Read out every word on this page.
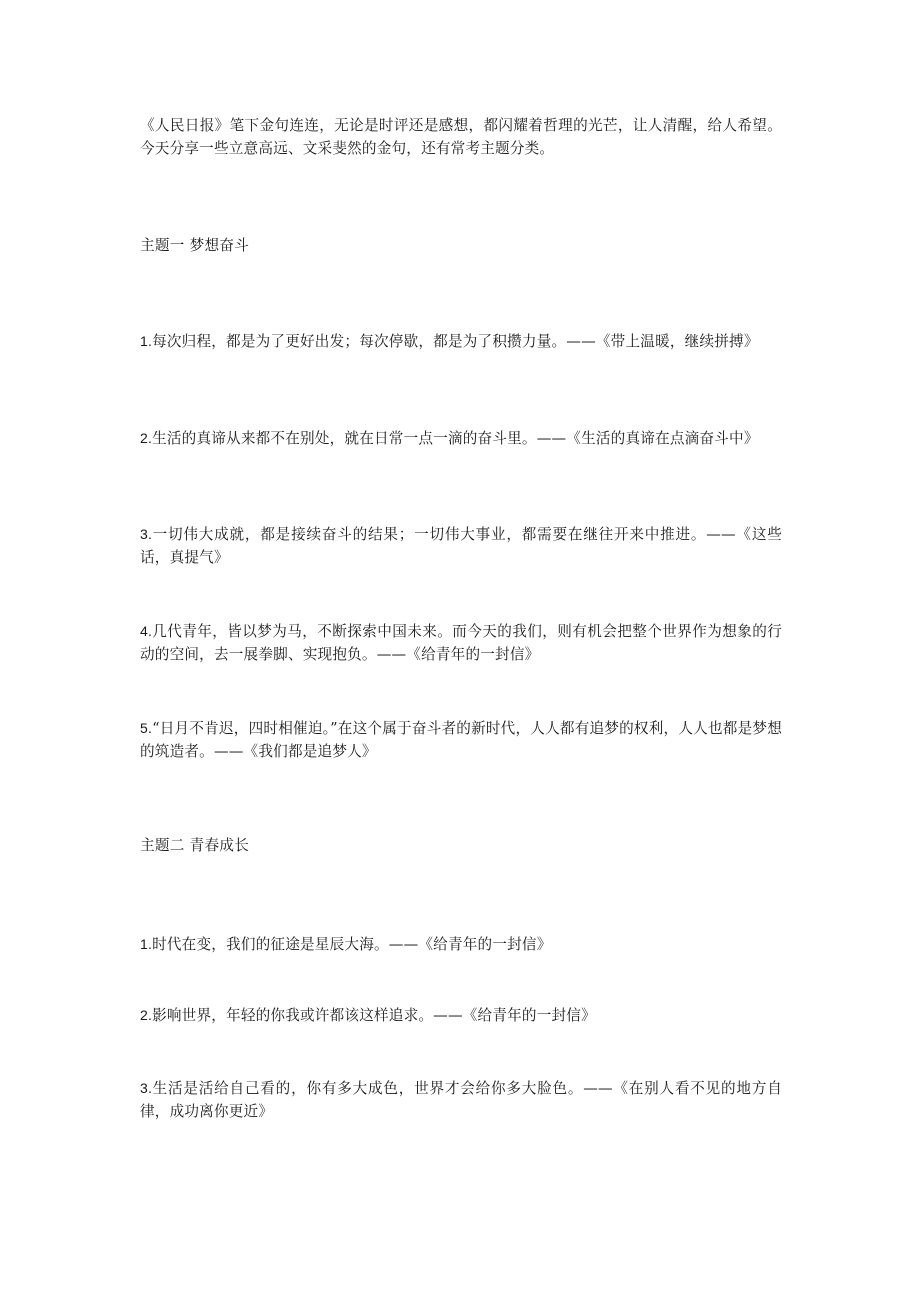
《人民日报》笔下金句连连，无论是时评还是感想，都闪耀着哲理的光芒，让人清醒，给人希望。今天分享一些立意高远、文采斐然的金句，还有常考主题分类。

主题一 梦想奋斗

1.每次归程，都是为了更好出发；每次停歇，都是为了积攒力量。——《带上温暖，继续拼搏》

2.生活的真谛从来都不在别处，就在日常一点一滴的奋斗里。——《生活的真谛在点滴奋斗中》

3.一切伟大成就，都是接续奋斗的结果；一切伟大事业，都需要在继往开来中推进。——《这些话，真提气》

4.几代青年，皆以梦为马，不断探索中国未来。而今天的我们，则有机会把整个世界作为想象的行动的空间，去一展拳脚、实现抱负。——《给青年的一封信》

5.“日月不肯迟，四时相催迫。”在这个属于奋斗者的新时代，人人都有追梦的权利，人人也都是梦想的筑造者。——《我们都是追梦人》

主题二 青春成长

1.时代在变，我们的征途是星辰大海。——《给青年的一封信》

2.影响世界，年轻的你我或许都该这样追求。——《给青年的一封信》

3.生活是活给自己看的，你有多大成色，世界才会给你多大脸色。——《在别人看不见的地方自律，成功离你更近》
